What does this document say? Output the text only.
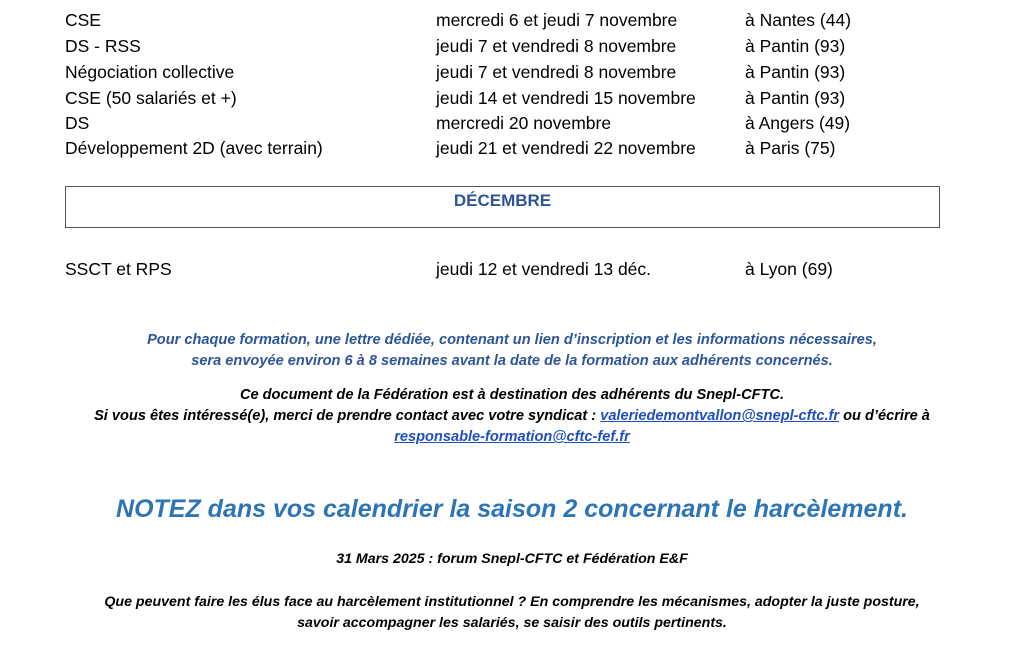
CSE	mercredi 6 et jeudi 7 novembre	à Nantes (44)
DS - RSS	jeudi 7 et vendredi 8 novembre	à Pantin (93)
Négociation collective	jeudi 7 et vendredi 8 novembre	à Pantin (93)
CSE (50 salariés et +)	jeudi 14 et vendredi 15 novembre	à Pantin (93)
DS	mercredi 20 novembre	à Angers (49)
Développement 2D (avec terrain)	jeudi 21 et vendredi 22 novembre	à Paris (75)
DÉCEMBRE
SSCT et RPS	jeudi 12 et vendredi 13 déc.	à Lyon (69)
Pour chaque formation, une lettre dédiée, contenant un lien d’inscription et les informations nécessaires,
sera envoyée environ 6 à 8 semaines avant la date de la formation aux adhérents concernés.
Ce document de la Fédération est à destination des adhérents du Snepl-CFTC.
Si vous êtes intéressé(e), merci de prendre contact avec votre syndicat : valeriedemontvallon@snepl-cftc.fr ou d’écrire à
responsable-formation@cftc-fef.fr
NOTEZ dans vos calendrier la saison 2 concernant le harcèlement.
31 Mars 2025 : forum Snepl-CFTC et Fédération E&F
Que peuvent faire les élus face au harcèlement institutionnel ? En comprendre les mécanismes, adopter la juste posture,
savoir accompagner les salariés, se saisir des outils pertinents.
